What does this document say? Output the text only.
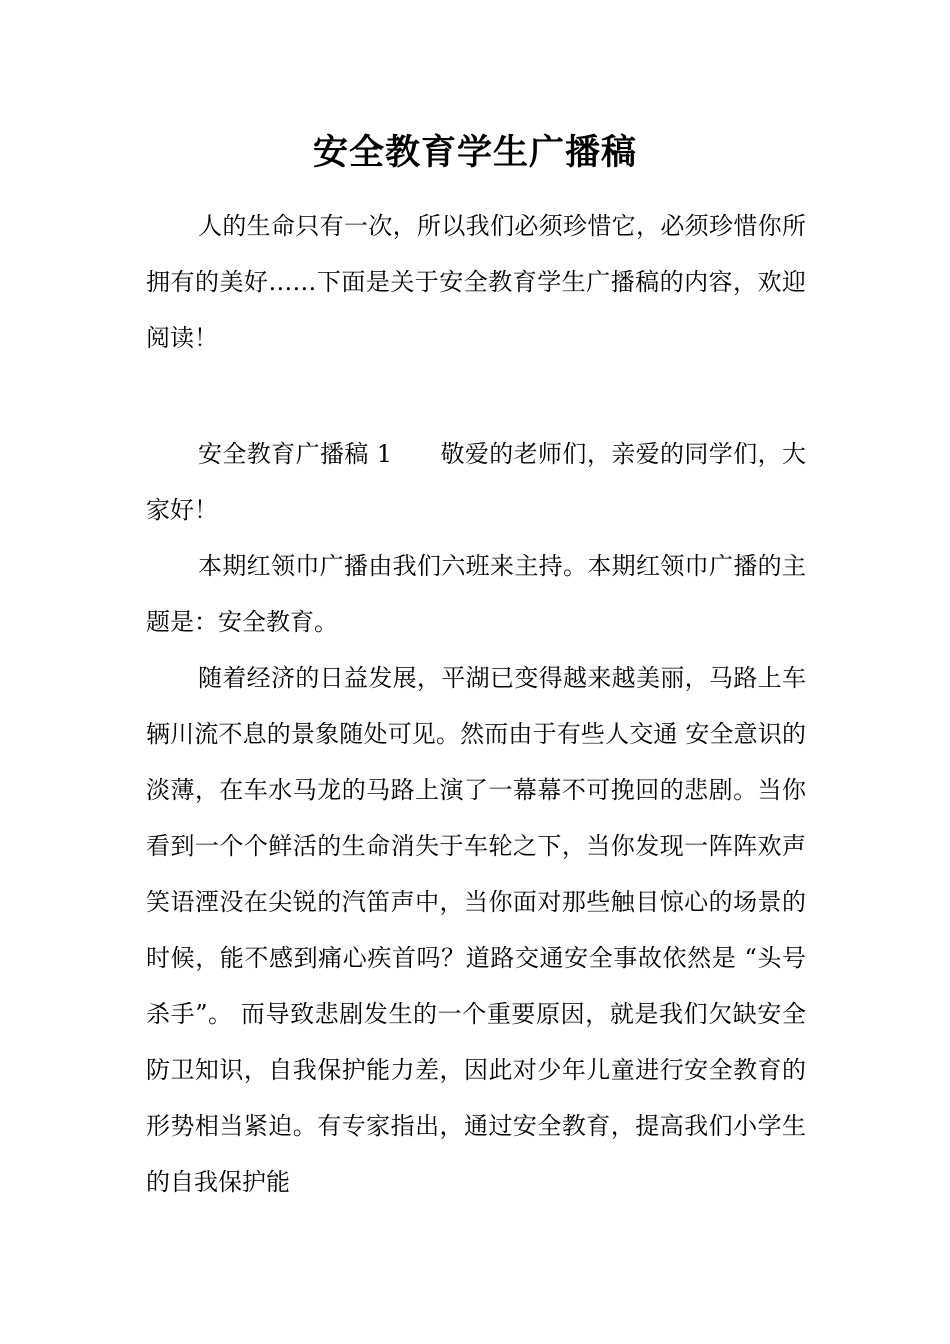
安全教育学生广播稿

人的生命只有一次，所以我们必须珍惜它，必须珍惜你所拥有的美好……下面是关于安全教育学生广播稿的内容，欢迎阅读！

安全教育广播稿 1 敬爱的老师们，亲爱的同学们，大家好！

本期红领巾广播由我们六班来主持。本期红领巾广播的主题是：安全教育。

随着经济的日益发展，平湖已变得越来越美丽，马路上车辆川流不息的景象随处可见。然而由于有些人交通 安全意识的淡薄，在车水马龙的马路上演了一幕幕不可挽回的悲剧。当你看到一个个鲜活的生命消失于车轮之下，当你发现一阵阵欢声笑语湮没在尖锐的汽笛声中，当你面对那些触目惊心的场景的时候，能不感到痛心疾首吗？道路交通安全事故依然是 “头号杀手”。 而导致悲剧发生的一个重要原因，就是我们欠缺安全防卫知识，自我保护能力差，因此对少年儿童进行安全教育的形势相当紧迫。有专家指出，通过安全教育，提高我们小学生的自我保护能
